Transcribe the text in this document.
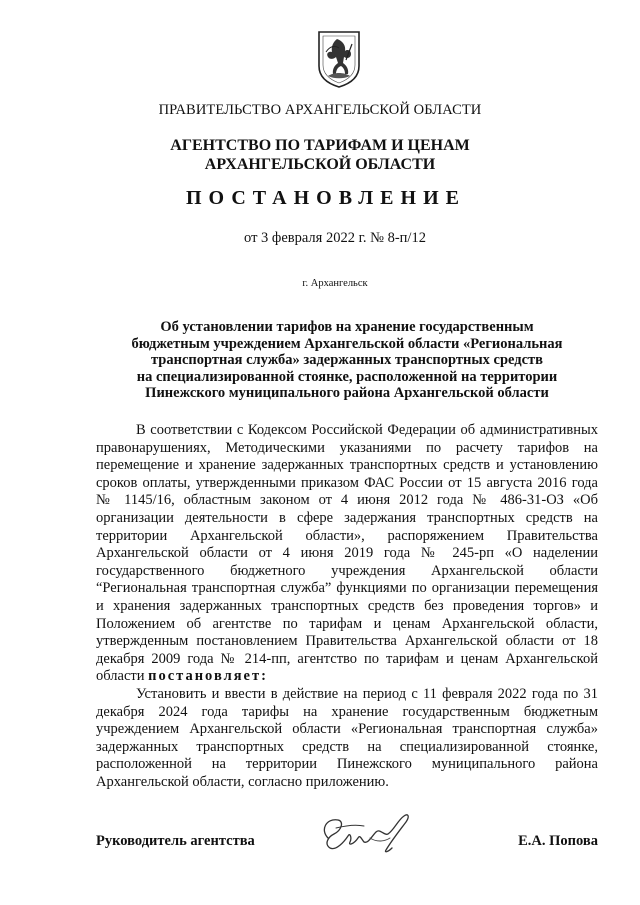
ПРАВИТЕЛЬСТВО АРХАНГЕЛЬСКОЙ ОБЛАСТИ
АГЕНТСТВО ПО ТАРИФАМ И ЦЕНАМ
АРХАНГЕЛЬСКОЙ ОБЛАСТИ
ПОСТАНОВЛЕНИЕ
от 3 февраля 2022 г. № 8-п/12
г. Архангельск
Об установлении тарифов на хранение государственным
бюджетным учреждением Архангельской области «Региональная
транспортная служба» задержанных транспортных средств
на специализированной стоянке, расположенной на территории
Пинежского муниципального района Архангельской области

В соответствии с Кодексом Российской Федерации об административных правонарушениях, Методическими указаниями по расчету тарифов на перемещение и хранение задержанных транспортных средств и установлению сроков оплаты, утвержденными приказом ФАС России от 15 августа 2016 года № 1145/16, областным законом от 4 июня 2012 года № 486-31-ОЗ «Об организации деятельности в сфере задержания транспортных средств на территории Архангельской области», распоряжением Правительства Архангельской области от 4 июня 2019 года № 245-рп «О наделении государственного бюджетного учреждения Архангельской области “Региональная транспортная служба” функциями по организации перемещения и хранения задержанных транспортных средств без проведения торгов» и Положением об агентстве по тарифам и ценам Архангельской области, утвержденным постановлением Правительства Архангельской области от 18 декабря 2009 года № 214-пп, агентство по тарифам и ценам Архангельской области постановляет:

Установить и ввести в действие на период с 11 февраля 2022 года по 31 декабря 2024 года тарифы на хранение государственным бюджетным учреждением Архангельской области «Региональная транспортная служба» задержанных транспортных средств на специализированной стоянке, расположенной на территории Пинежского муниципального района Архангельской области, согласно приложению.

Руководитель агентства	Е.А. Попова
